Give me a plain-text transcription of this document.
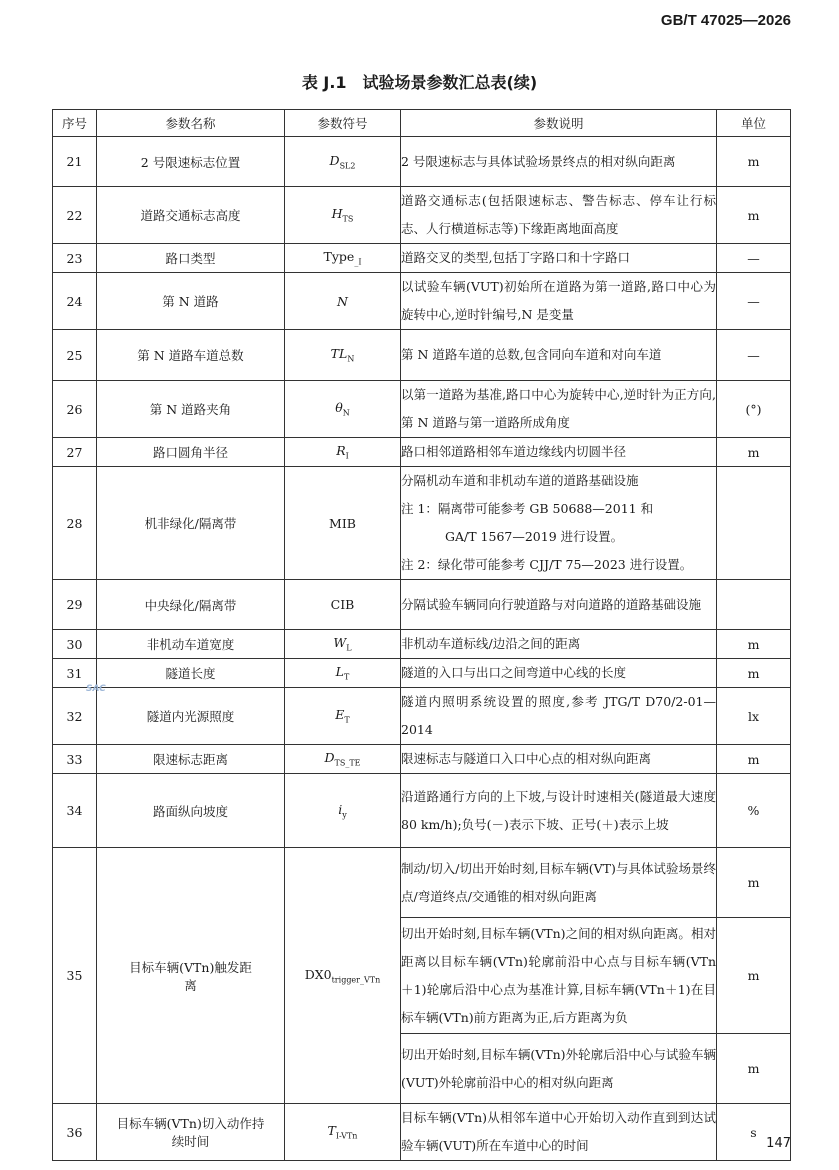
GB/T 47025—2026
表 J.1　试验场景参数汇总表(续)
序号	参数名称	参数符号	参数说明	单位
21	2 号限速标志位置	$D_{SL2}$	2 号限速标志与具体试验场景终点的相对纵向距离	m
22	道路交通标志高度	$H_{TS}$	道路交通标志(包括限速标志、警告标志、停车让行标志、人行横道标志等)下缘距离地面高度	m
23	路口类型	Type$_{\_I}$	道路交叉的类型,包括丁字路口和十字路口	—
24	第 N 道路	N	以试验车辆(VUT)初始所在道路为第一道路,路口中心为旋转中心,逆时针编号,N 是变量	—
25	第 N 道路车道总数	$TL_N$	第 N 道路车道的总数,包含同向车道和对向车道	—
26	第 N 道路夹角	$\theta_N$	以第一道路为基准,路口中心为旋转中心,逆时针为正方向,第 N 道路与第一道路所成角度	(°)
27	路口圆角半径	$R_I$	路口相邻道路相邻车道边缘线内切圆半径	m
28	机非绿化/隔离带	MIB	分隔机动车道和非机动车道的道路基础设施
注 1：隔离带可能参考 GB 50688—2011 和
GA/T 1567—2019 进行设置。
注 2：绿化带可能参考 CJJ/T 75—2023 进行设置。	

29	中央绿化/隔离带	CIB	分隔试验车辆同向行驶道路与对向道路的道路基础设施	
30	非机动车道宽度	$W_L$	非机动车道标线/边沿之间的距离	m
31	隧道长度	$L_T$	隧道的入口与出口之间弯道中心线的长度	m
32	隧道内光源照度	$E_T$	隧道内照明系统设置的照度,参考 JTG/T D70/2-01—2014	lx
33	限速标志距离	$D_{TS\_TE}$	限速标志与隧道口入口中心点的相对纵向距离	m
34	路面纵向坡度	$i_y$	沿道路通行方向的上下坡,与设计时速相关(隧道最大速度 80 km/h);负号(－)表示下坡、正号(＋)表示上坡	%
35	目标车辆(VTn)触发距离	$DX0_{trigger\_VTn}$	制动/切入/切出开始时刻,目标车辆(VT)与具体试验场景终点/弯道终点/交通锥的相对纵向距离	m
			切出开始时刻,目标车辆(VTn)之间的相对纵向距离。相对距离以目标车辆(VTn)轮廓前沿中心点与目标车辆(VTn＋1)轮廓后沿中心点为基准计算,目标车辆(VTn＋1)在目标车辆(VTn)前方距离为正,后方距离为负	m
			切出开始时刻,目标车辆(VTn)外轮廓后沿中心与试验车辆(VUT)外轮廓前沿中心的相对纵向距离	m
36	目标车辆(VTn)切入动作持续时间	$T_{I-VTn}$	目标车辆(VTn)从相邻车道中心开始切入动作直到到达试验车辆(VUT)所在车道中心的时间	s
SAC
147
